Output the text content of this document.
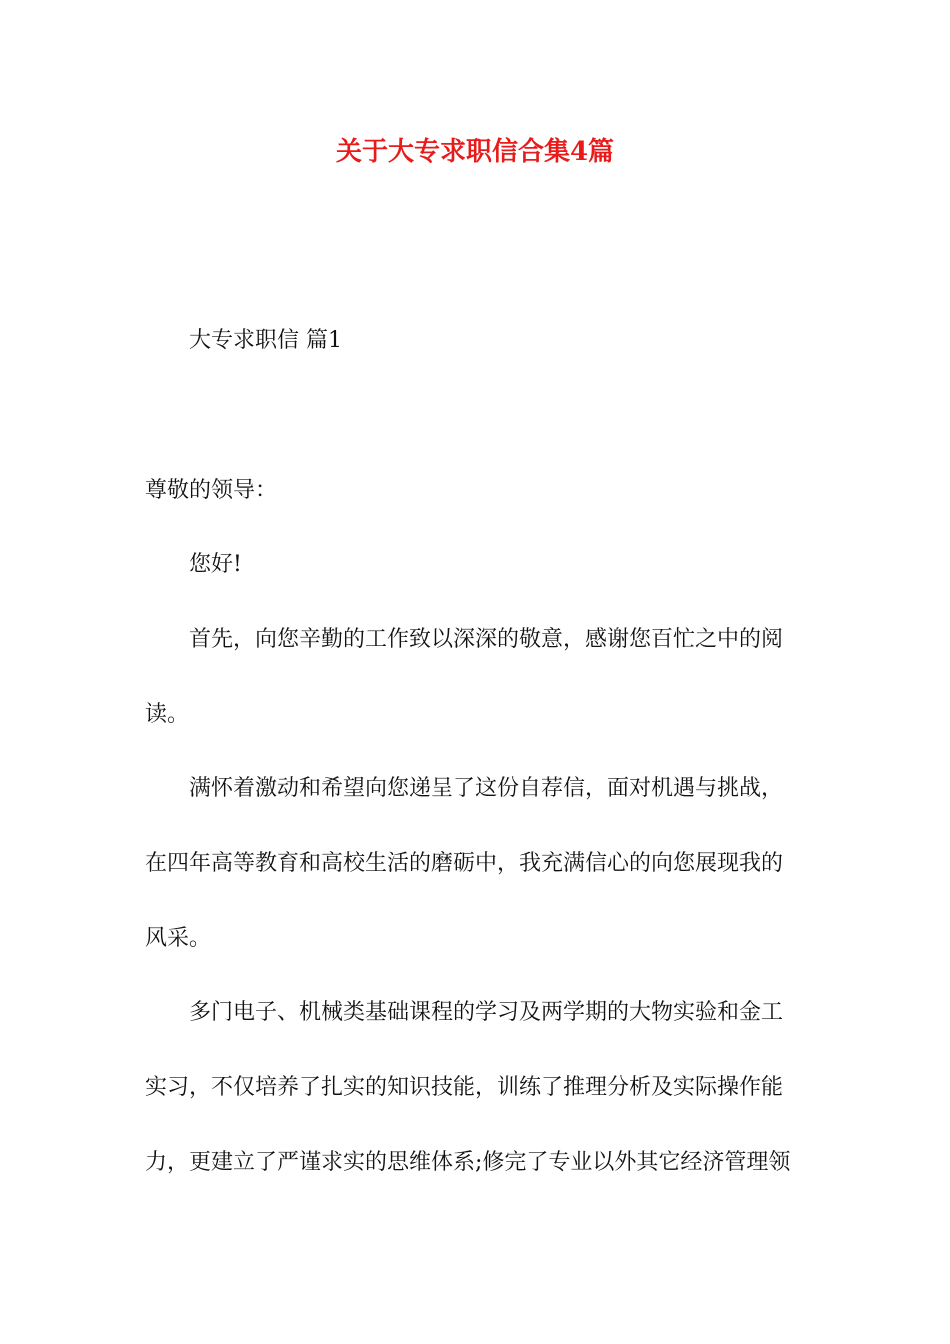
关于大专求职信合集4篇
大专求职信 篇1
尊敬的领导：
您好!
首先，向您辛勤的工作致以深深的敬意，感谢您百忙之中的阅
读。
满怀着激动和希望向您递呈了这份自荐信，面对机遇与挑战，
在四年高等教育和高校生活的磨砺中，我充满信心的向您展现我的
风采。
多门电子、机械类基础课程的学习及两学期的大物实验和金工
实习，不仅培养了扎实的知识技能，训练了推理分析及实际操作能
力，更建立了严谨求实的思维体系;修完了专业以外其它经济管理领
